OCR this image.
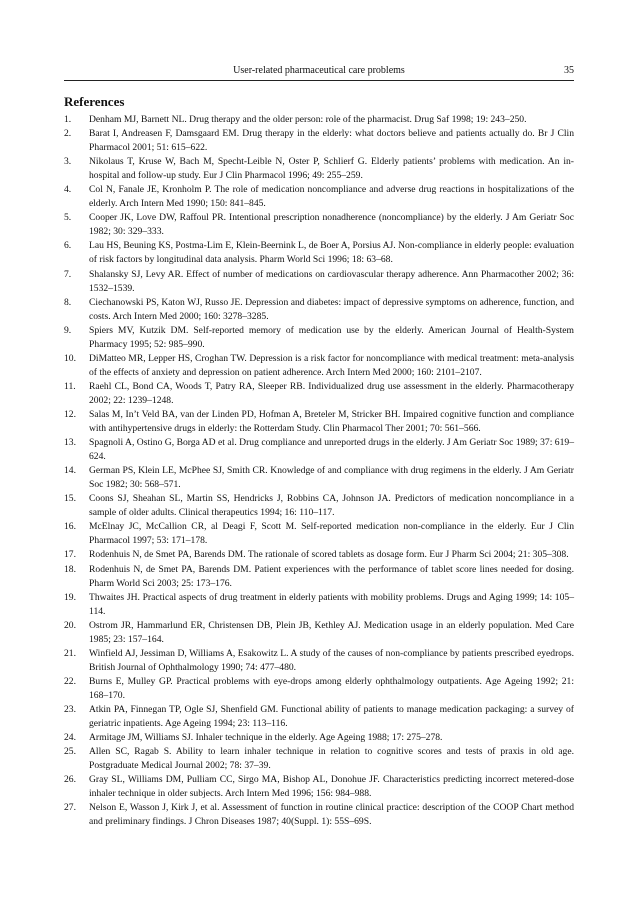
User-related pharmaceutical care problems	35
References
1. Denham MJ, Barnett NL. Drug therapy and the older person: role of the pharmacist. Drug Saf 1998; 19: 243–250.
2. Barat I, Andreasen F, Damsgaard EM. Drug therapy in the elderly: what doctors believe and patients actually do. Br J Clin Pharmacol 2001; 51: 615–622.
3. Nikolaus T, Kruse W, Bach M, Specht-Leible N, Oster P, Schlierf G. Elderly patients’ problems with medication. An in-hospital and follow-up study. Eur J Clin Pharmacol 1996; 49: 255–259.
4. Col N, Fanale JE, Kronholm P. The role of medication noncompliance and adverse drug reactions in hospitalizations of the elderly. Arch Intern Med 1990; 150: 841–845.
5. Cooper JK, Love DW, Raffoul PR. Intentional prescription nonadherence (noncompliance) by the elderly. J Am Geriatr Soc 1982; 30: 329–333.
6. Lau HS, Beuning KS, Postma-Lim E, Klein-Beernink L, de Boer A, Porsius AJ. Non-compliance in elderly people: evaluation of risk factors by longitudinal data analysis. Pharm World Sci 1996; 18: 63–68.
7. Shalansky SJ, Levy AR. Effect of number of medications on cardiovascular therapy adherence. Ann Pharmacother 2002; 36: 1532–1539.
8. Ciechanowski PS, Katon WJ, Russo JE. Depression and diabetes: impact of depressive symptoms on adherence, function, and costs. Arch Intern Med 2000; 160: 3278–3285.
9. Spiers MV, Kutzik DM. Self-reported memory of medication use by the elderly. American Journal of Health-System Pharmacy 1995; 52: 985–990.
10. DiMatteo MR, Lepper HS, Croghan TW. Depression is a risk factor for noncompliance with medical treatment: meta-analysis of the effects of anxiety and depression on patient adherence. Arch Intern Med 2000; 160: 2101–2107.
11. Raehl CL, Bond CA, Woods T, Patry RA, Sleeper RB. Individualized drug use assessment in the elderly. Pharmacotherapy 2002; 22: 1239–1248.
12. Salas M, In’t Veld BA, van der Linden PD, Hofman A, Breteler M, Stricker BH. Impaired cognitive function and compliance with antihypertensive drugs in elderly: the Rotterdam Study. Clin Pharmacol Ther 2001; 70: 561–566.
13. Spagnoli A, Ostino G, Borga AD et al. Drug compliance and unreported drugs in the elderly. J Am Geriatr Soc 1989; 37: 619–624.
14. German PS, Klein LE, McPhee SJ, Smith CR. Knowledge of and compliance with drug regimens in the elderly. J Am Geriatr Soc 1982; 30: 568–571.
15. Coons SJ, Sheahan SL, Martin SS, Hendricks J, Robbins CA, Johnson JA. Predictors of medication noncompliance in a sample of older adults. Clinical therapeutics 1994; 16: 110–117.
16. McElnay JC, McCallion CR, al Deagi F, Scott M. Self-reported medication non-compliance in the elderly. Eur J Clin Pharmacol 1997; 53: 171–178.
17. Rodenhuis N, de Smet PA, Barends DM. The rationale of scored tablets as dosage form. Eur J Pharm Sci 2004; 21: 305–308.
18. Rodenhuis N, de Smet PA, Barends DM. Patient experiences with the performance of tablet score lines needed for dosing. Pharm World Sci 2003; 25: 173–176.
19. Thwaites JH. Practical aspects of drug treatment in elderly patients with mobility problems. Drugs and Aging 1999; 14: 105–114.
20. Ostrom JR, Hammarlund ER, Christensen DB, Plein JB, Kethley AJ. Medication usage in an elderly population. Med Care 1985; 23: 157–164.
21. Winfield AJ, Jessiman D, Williams A, Esakowitz L. A study of the causes of non-compliance by patients prescribed eyedrops. British Journal of Ophthalmology 1990; 74: 477–480.
22. Burns E, Mulley GP. Practical problems with eye-drops among elderly ophthalmology outpatients. Age Ageing 1992; 21: 168–170.
23. Atkin PA, Finnegan TP, Ogle SJ, Shenfield GM. Functional ability of patients to manage medication packaging: a survey of geriatric inpatients. Age Ageing 1994; 23: 113–116.
24. Armitage JM, Williams SJ. Inhaler technique in the elderly. Age Ageing 1988; 17: 275–278.
25. Allen SC, Ragab S. Ability to learn inhaler technique in relation to cognitive scores and tests of praxis in old age. Postgraduate Medical Journal 2002; 78: 37–39.
26. Gray SL, Williams DM, Pulliam CC, Sirgo MA, Bishop AL, Donohue JF. Characteristics predicting incorrect metered-dose inhaler technique in older subjects. Arch Intern Med 1996; 156: 984–988.
27. Nelson E, Wasson J, Kirk J, et al. Assessment of function in routine clinical practice: description of the COOP Chart method and preliminary findings. J Chron Diseases 1987; 40(Suppl. 1): 55S–69S.
